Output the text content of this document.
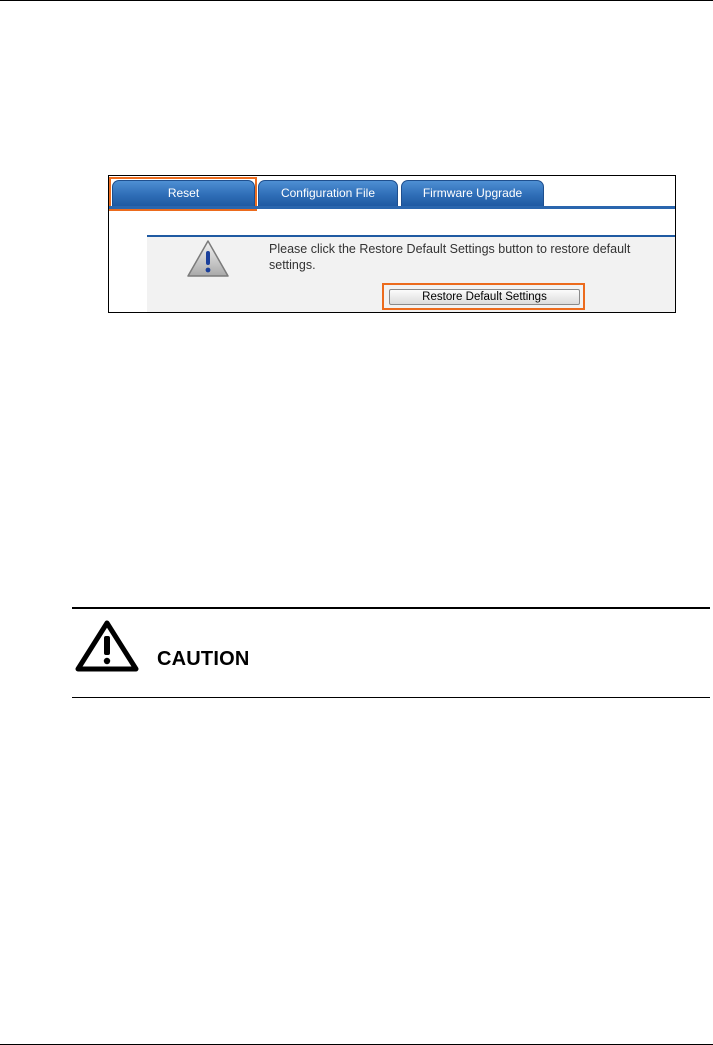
Reset	Configuration File	Firmware Upgrade
Please click the Restore Default Settings button to restore default settings.
Restore Default Settings
CAUTION
